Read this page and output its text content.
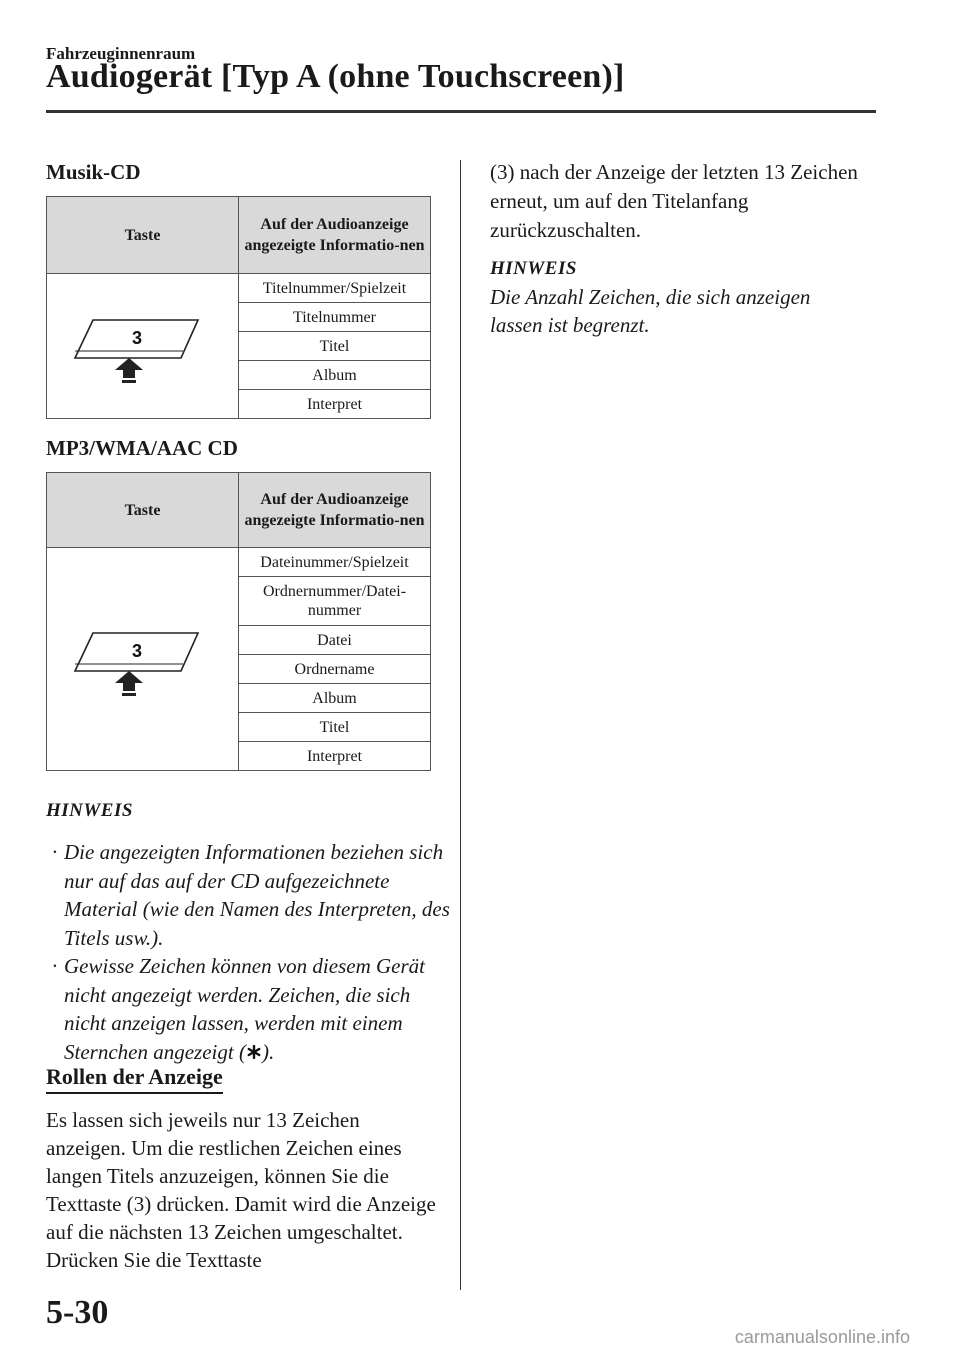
Fahrzeuginnenraum
Audiogerät [Typ A (ohne Touchscreen)]
Musik-CD
Taste	Auf der Audioanzeige angezeigte Informatio-nen

3	Titelnummer/Spielzeit
	Titelnummer
	Titel
	Album
	Interpret
MP3/WMA/AAC CD
Taste	Auf der Audioanzeige angezeigte Informatio-nen

3	Dateinummer/Spielzeit
	Ordnernummer/Datei-nummer
	Datei
	Ordnername
	Album
	Titel
	Interpret
HINWEIS
· Die angezeigten Informationen beziehen sich nur auf das auf der CD aufgezeichnete Material (wie den Namen des Interpreten, des Titels usw.).
· Gewisse Zeichen können von diesem Gerät nicht angezeigt werden. Zeichen, die sich nicht anzeigen lassen, werden mit einem Sternchen angezeigt ( ).
Rollen der Anzeige

Es lassen sich jeweils nur 13 Zeichen anzeigen. Um die restlichen Zeichen eines langen Titels anzuzeigen, können Sie die Texttaste (3) drücken. Damit wird die Anzeige auf die nächsten 13 Zeichen umgeschaltet. Drücken Sie die Texttaste

(3) nach der Anzeige der letzten 13 Zeichen erneut, um auf den Titelanfang zurückzuschalten.

HINWEIS

Die Anzahl Zeichen, die sich anzeigen lassen ist begrenzt.

5-30
carmanualsonline.info
